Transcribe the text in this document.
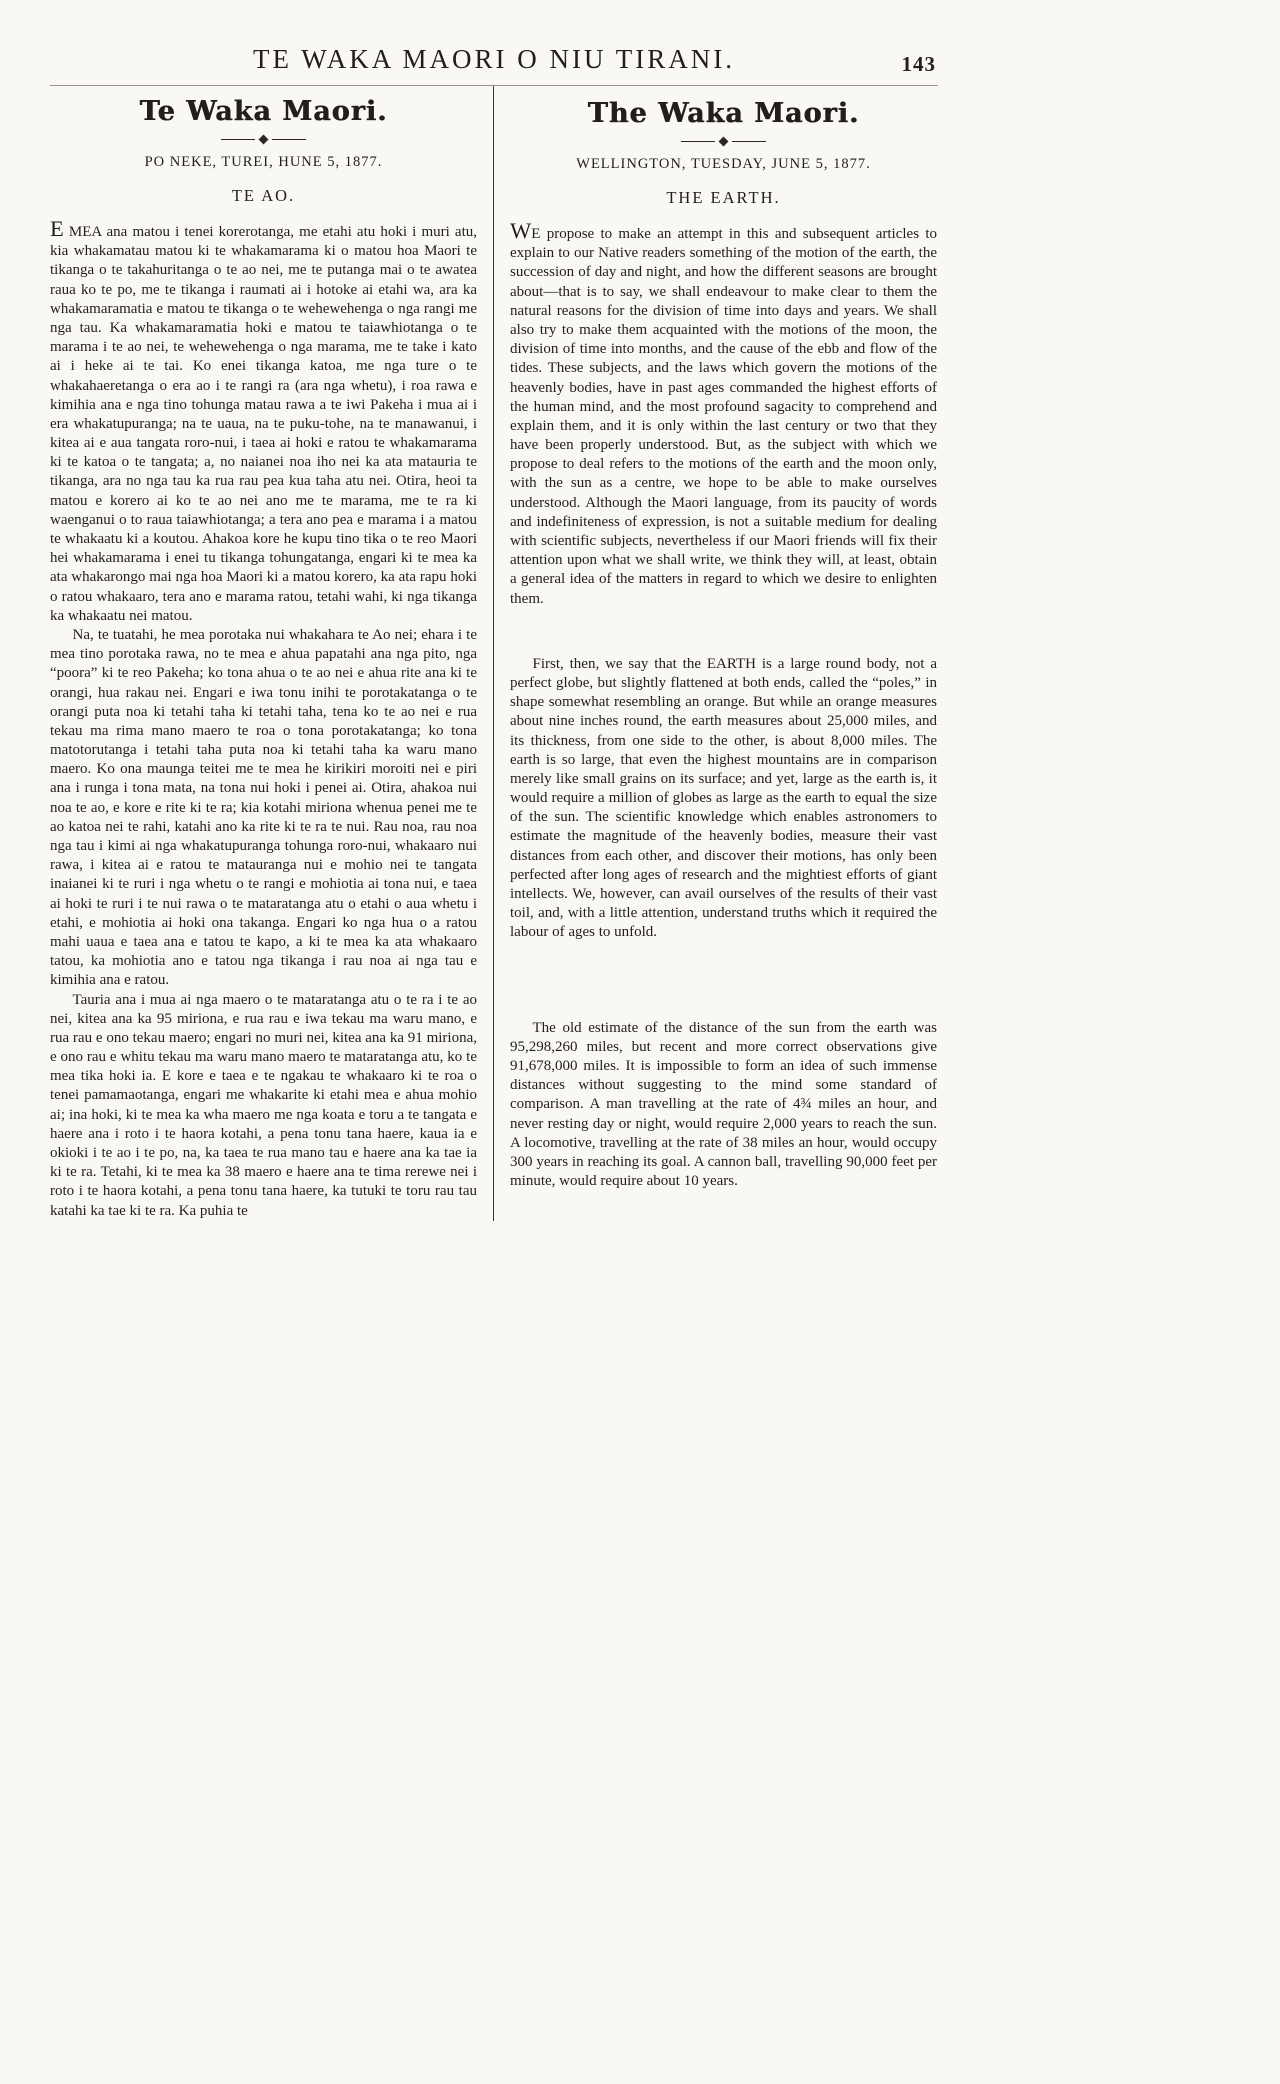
TE WAKA MAORI O NIU TIRANI.	143
Te Waka Maori.
PO NEKE, TUREI, HUNE 5, 1877.
TE AO.

E MEA ana matou i tenei korerotanga, me etahi atu hoki i muri atu, kia whakamatau matou ki te whakamarama ki o matou hoa Maori te tikanga o te takahuritanga o te ao nei, me te putanga mai o te awatea raua ko te po, me te tikanga i raumati ai i hotoke ai etahi wa, ara ka whakamaramatia e matou te tikanga o te wehewehenga o nga rangi me nga tau. Ka whakamaramatia hoki e matou te taiawhiotanga o te marama i te ao nei, te wehewehenga o nga marama, me te take i kato ai i heke ai te tai. Ko enei tikanga katoa, me nga ture o te whakahaeretanga o era ao i te rangi ra (ara nga whetu), i roa rawa e kimihia ana e nga tino tohunga matau rawa a te iwi Pakeha i mua ai i era whakatupuranga; na te uaua, na te puku-tohe, na te manawanui, i kitea ai e aua tangata roro-nui, i taea ai hoki e ratou te whakamarama ki te katoa o te tangata; a, no naianei noa iho nei ka ata matauria te tikanga, ara no nga tau ka rua rau pea kua taha atu nei. Otira, heoi ta matou e korero ai ko te ao nei ano me te marama, me te ra ki waenganui o to raua taiawhiotanga; a tera ano pea e marama i a matou te whakaatu ki a koutou. Ahakoa kore he kupu tino tika o te reo Maori hei whakamarama i enei tu tikanga tohungatanga, engari ki te mea ka ata whakarongo mai nga hoa Maori ki a matou korero, ka ata rapu hoki o ratou whakaaro, tera ano e marama ratou, tetahi wahi, ki nga tikanga ka whakaatu nei matou.

Na, te tuatahi, he mea porotaka nui whakahara te Ao nei; ehara i te mea tino porotaka rawa, no te mea e ahua papatahi ana nga pito, nga “poora” ki te reo Pakeha; ko tona ahua o te ao nei e ahua rite ana ki te orangi, hua rakau nei. Engari e iwa tonu inihi te porotakatanga o te orangi puta noa ki tetahi taha ki tetahi taha, tena ko te ao nei e rua tekau ma rima mano maero te roa o tona porotakatanga; ko tona matotorutanga i tetahi taha puta noa ki tetahi taha ka waru mano maero. Ko ona maunga teitei me te mea he kirikiri moroiti nei e piri ana i runga i tona mata, na tona nui hoki i penei ai. Otira, ahakoa nui noa te ao, e kore e rite ki te ra; kia kotahi miriona whenua penei me te ao katoa nei te rahi, katahi ano ka rite ki te ra te nui. Rau noa, rau noa nga tau i kimi ai nga whakatupuranga tohunga roro-nui, whakaaro nui rawa, i kitea ai e ratou te matauranga nui e mohio nei te tangata inaianei ki te ruri i nga whetu o te rangi e mohiotia ai tona nui, e taea ai hoki te ruri i te nui rawa o te mataratanga atu o etahi o aua whetu i etahi, e mohiotia ai hoki ona takanga. Engari ko nga hua o a ratou mahi uaua e taea ana e tatou te kapo, a ki te mea ka ata whakaaro tatou, ka mohiotia ano e tatou nga tikanga i rau noa ai nga tau e kimihia ana e ratou.

Tauria ana i mua ai nga maero o te mataratanga atu o te ra i te ao nei, kitea ana ka 95 miriona, e rua rau e iwa tekau ma waru mano, e rua rau e ono tekau maero; engari no muri nei, kitea ana ka 91 miriona, e ono rau e whitu tekau ma waru mano maero te mataratanga atu, ko te mea tika hoki ia. E kore e taea e te ngakau te whakaaro ki te roa o tenei pamamaotanga, engari me whakarite ki etahi mea e ahua mohio ai; ina hoki, ki te mea ka wha maero me nga koata e toru a te tangata e haere ana i roto i te haora kotahi, a pena tonu tana haere, kaua ia e okioki i te ao i te po, na, ka taea te rua mano tau e haere ana ka tae ia ki te ra. Tetahi, ki te mea ka 38 maero e haere ana te tima rerewe nei i roto i te haora kotahi, a pena tonu tana haere, ka tutuki te toru rau tau katahi ka tae ki te ra. Ka puhia te

The Waka Maori.
WELLINGTON, TUESDAY, JUNE 5, 1877.
THE EARTH.

WE propose to make an attempt in this and subsequent articles to explain to our Native readers something of the motion of the earth, the succession of day and night, and how the different seasons are brought about—that is to say, we shall endeavour to make clear to them the natural reasons for the division of time into days and years. We shall also try to make them acquainted with the motions of the moon, the division of time into months, and the cause of the ebb and flow of the tides. These subjects, and the laws which govern the motions of the heavenly bodies, have in past ages commanded the highest efforts of the human mind, and the most profound sagacity to comprehend and explain them, and it is only within the last century or two that they have been properly understood. But, as the subject with which we propose to deal refers to the motions of the earth and the moon only, with the sun as a centre, we hope to be able to make ourselves understood. Although the Maori language, from its paucity of words and indefiniteness of expression, is not a suitable medium for dealing with scientific subjects, nevertheless if our Maori friends will fix their attention upon what we shall write, we think they will, at least, obtain a general idea of the matters in regard to which we desire to enlighten them.

First, then, we say that the EARTH is a large round body, not a perfect globe, but slightly flattened at both ends, called the “poles,” in shape somewhat resembling an orange. But while an orange measures about nine inches round, the earth measures about 25,000 miles, and its thickness, from one side to the other, is about 8,000 miles. The earth is so large, that even the highest mountains are in comparison merely like small grains on its surface; and yet, large as the earth is, it would require a million of globes as large as the earth to equal the size of the sun. The scientific knowledge which enables astronomers to estimate the magnitude of the heavenly bodies, measure their vast distances from each other, and discover their motions, has only been perfected after long ages of research and the mightiest efforts of giant intellects. We, however, can avail ourselves of the results of their vast toil, and, with a little attention, understand truths which it required the labour of ages to unfold.

The old estimate of the distance of the sun from the earth was 95,298,260 miles, but recent and more correct observations give 91,678,000 miles. It is impossible to form an idea of such immense distances without suggesting to the mind some standard of comparison. A man travelling at the rate of 4¾ miles an hour, and never resting day or night, would require 2,000 years to reach the sun. A locomotive, travelling at the rate of 38 miles an hour, would occupy 300 years in reaching its goal. A cannon ball, travelling 90,000 feet per minute, would require about 10 years.
